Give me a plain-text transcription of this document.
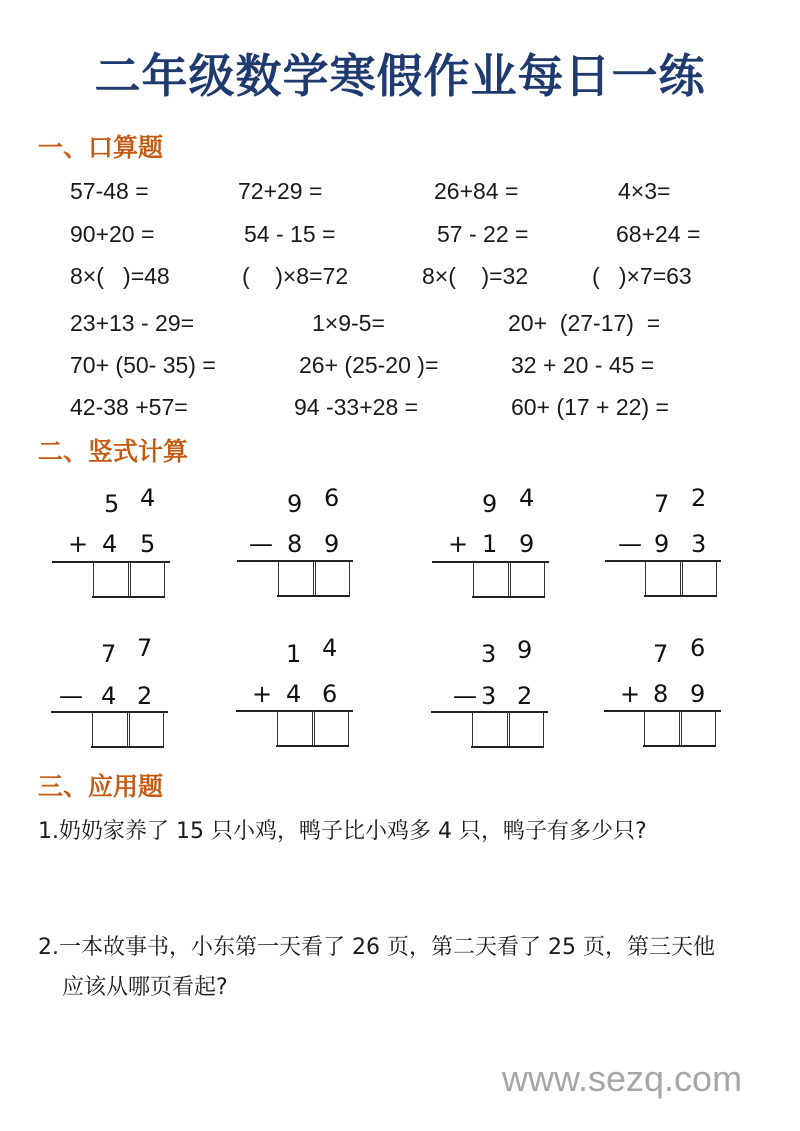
二年级数学寒假作业每日一练
一、口算题
57-48 =	72+29 =	26+84 =	4×3=
90+20 =	54 - 15 =	57 - 22 =	68+24 =
8×(   )=48	(    )×8=72	8×(    )=32	(   )×7=63
23+13 - 29=	1×9-5=	20+  (27-17)  =
70+ (50- 35) =	26+ (25-20 )=	32 + 20 - 45 =
42-38 +57=	94 -33+28 =	60+ (17 + 22) =
二、竖式计算
5 4
+ 4 5
9 6
— 8 9
9 4
+ 1 9
7 2
— 9 3
7 7
— 4 2
1 4
+ 4 6
3 9
— 3 2
7 6
+ 8 9
三、应用题
1.奶奶家养了 15 只小鸡，鸭子比小鸡多 4 只，鸭子有多少只?
2.一本故事书，小东第一天看了 26 页，第二天看了 25 页，第三天他
应该从哪页看起?
www.sezq.com
